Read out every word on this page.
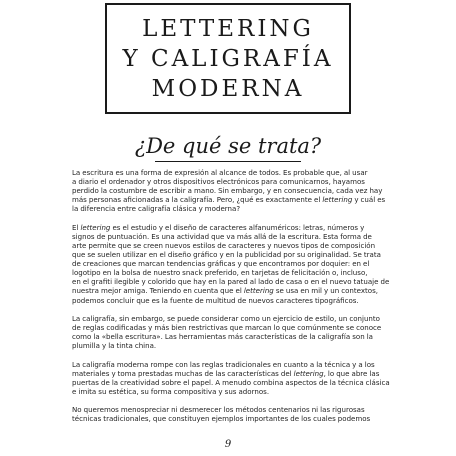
LETTERING
Y CALIGRAFÍA
MODERNA
¿De qué se trata?
La escritura es una forma de expresión al alcance de todos. Es probable que, al usar
a diario el ordenador y otros dispositivos electrónicos para comunicarnos, hayamos
perdido la costumbre de escribir a mano. Sin embargo, y en consecuencia, cada vez hay
más personas aficionadas a la caligrafía. Pero, ¿qué es exactamente el lettering y cuál es
la diferencia entre caligrafía clásica y moderna?
El lettering es el estudio y el diseño de caracteres alfanuméricos: letras, números y
signos de puntuación. Es una actividad que va más allá de la escritura. Esta forma de
arte permite que se creen nuevos estilos de caracteres y nuevos tipos de composición
que se suelen utilizar en el diseño gráfico y en la publicidad por su originalidad. Se trata
de creaciones que marcan tendencias gráficas y que encontramos por doquier: en el
logotipo en la bolsa de nuestro snack preferido, en tarjetas de felicitación o, incluso,
en el grafiti ilegible y colorido que hay en la pared al lado de casa o en el nuevo tatuaje de
nuestra mejor amiga. Teniendo en cuenta que el lettering se usa en mil y un contextos,
podemos concluir que es la fuente de multitud de nuevos caracteres tipográficos.
La caligrafía, sin embargo, se puede considerar como un ejercicio de estilo, un conjunto
de reglas codificadas y más bien restrictivas que marcan lo que comúnmente se conoce
como la «bella escritura». Las herramientas más características de la caligrafía son la
plumilla y la tinta china.
La caligrafía moderna rompe con las reglas tradicionales en cuanto a la técnica y a los
materiales y toma prestadas muchas de las características del lettering, lo que abre las
puertas de la creatividad sobre el papel. A menudo combina aspectos de la técnica clásica
e imita su estética, su forma compositiva y sus adornos.
No queremos menospreciar ni desmerecer los métodos centenarios ni las rigurosas
técnicas tradicionales, que constituyen ejemplos importantes de los cuales podemos
9
